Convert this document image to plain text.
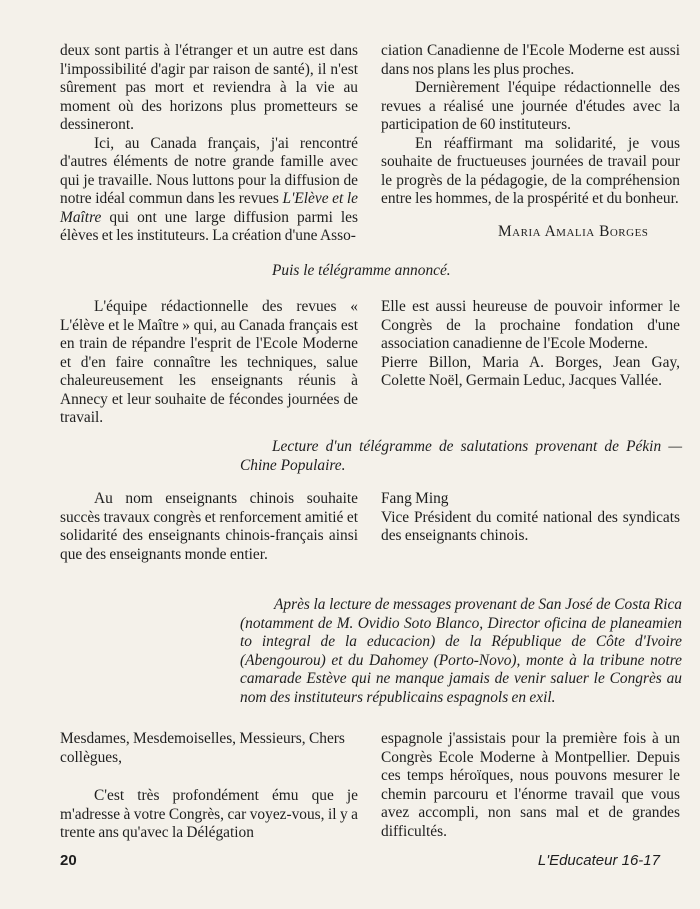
deux sont partis à l'étranger et un autre est dans l'impossibilité d'agir par raison de santé), il n'est sûrement pas mort et reviendra à la vie au moment où des horizons plus prometteurs se dessineront.

Ici, au Canada français, j'ai rencontré d'autres éléments de notre grande famille avec qui je travaille. Nous luttons pour la diffusion de notre idéal commun dans les revues L'Elève et le Maître qui ont une large diffusion parmi les élèves et les instituteurs. La création d'une Asso-

ciation Canadienne de l'Ecole Moderne est aussi dans nos plans les plus proches.

Dernièrement l'équipe rédactionnelle des revues a réalisé une journée d'études avec la participation de 60 instituteurs.

En réaffirmant ma solidarité, je vous souhaite de fructueuses journées de travail pour le progrès de la pédagogie, de la compréhension entre les hommes, de la prospérité et du bonheur.

Maria Amalia Borges
Puis le télégramme annoncé.

L'équipe rédactionnelle des revues « L'élève et le Maître » qui, au Canada français est en train de répandre l'esprit de l'Ecole Moderne et d'en faire connaître les techniques, salue chaleureusement les enseignants réunis à Annecy et leur souhaite de fécondes journées de travail.

Elle est aussi heureuse de pouvoir informer le Congrès de la prochaine fondation d'une association canadienne de l'Ecole Moderne.

Pierre Billon, Maria A. Borges, Jean Gay, Colette Noël, Germain Leduc, Jacques Vallée.

Lecture d'un télégramme de salutations provenant de Pékin — Chine Populaire.

Au nom enseignants chinois souhaite succès travaux congrès et renforcement amitié et solidarité des enseignants chinois-français ainsi que des enseignants monde entier.

Fang Ming

Vice Président du comité national des syndicats des enseignants chinois.

Après la lecture de messages provenant de San José de Costa Rica (notamment de M. Ovidio Soto Blanco, Director oficina de planeamien to integral de la educacion) de la République de Côte d'Ivoire (Abengourou) et du Dahomey (Porto-Novo), monte à la tribune notre camarade Estève qui ne manque jamais de venir saluer le Congrès au nom des instituteurs républicains espagnols en exil.

Mesdames, Mesdemoiselles, Messieurs, Chers collègues,

C'est très profondément ému que je m'adresse à votre Congrès, car voyez-vous, il y a trente ans qu'avec la Délégation

espagnole j'assistais pour la première fois à un Congrès Ecole Moderne à Montpellier. Depuis ces temps héroïques, nous pouvons mesurer le chemin parcouru et l'énorme travail que vous avez accompli, non sans mal et de grandes difficultés.

20	L'Educateur 16-17
